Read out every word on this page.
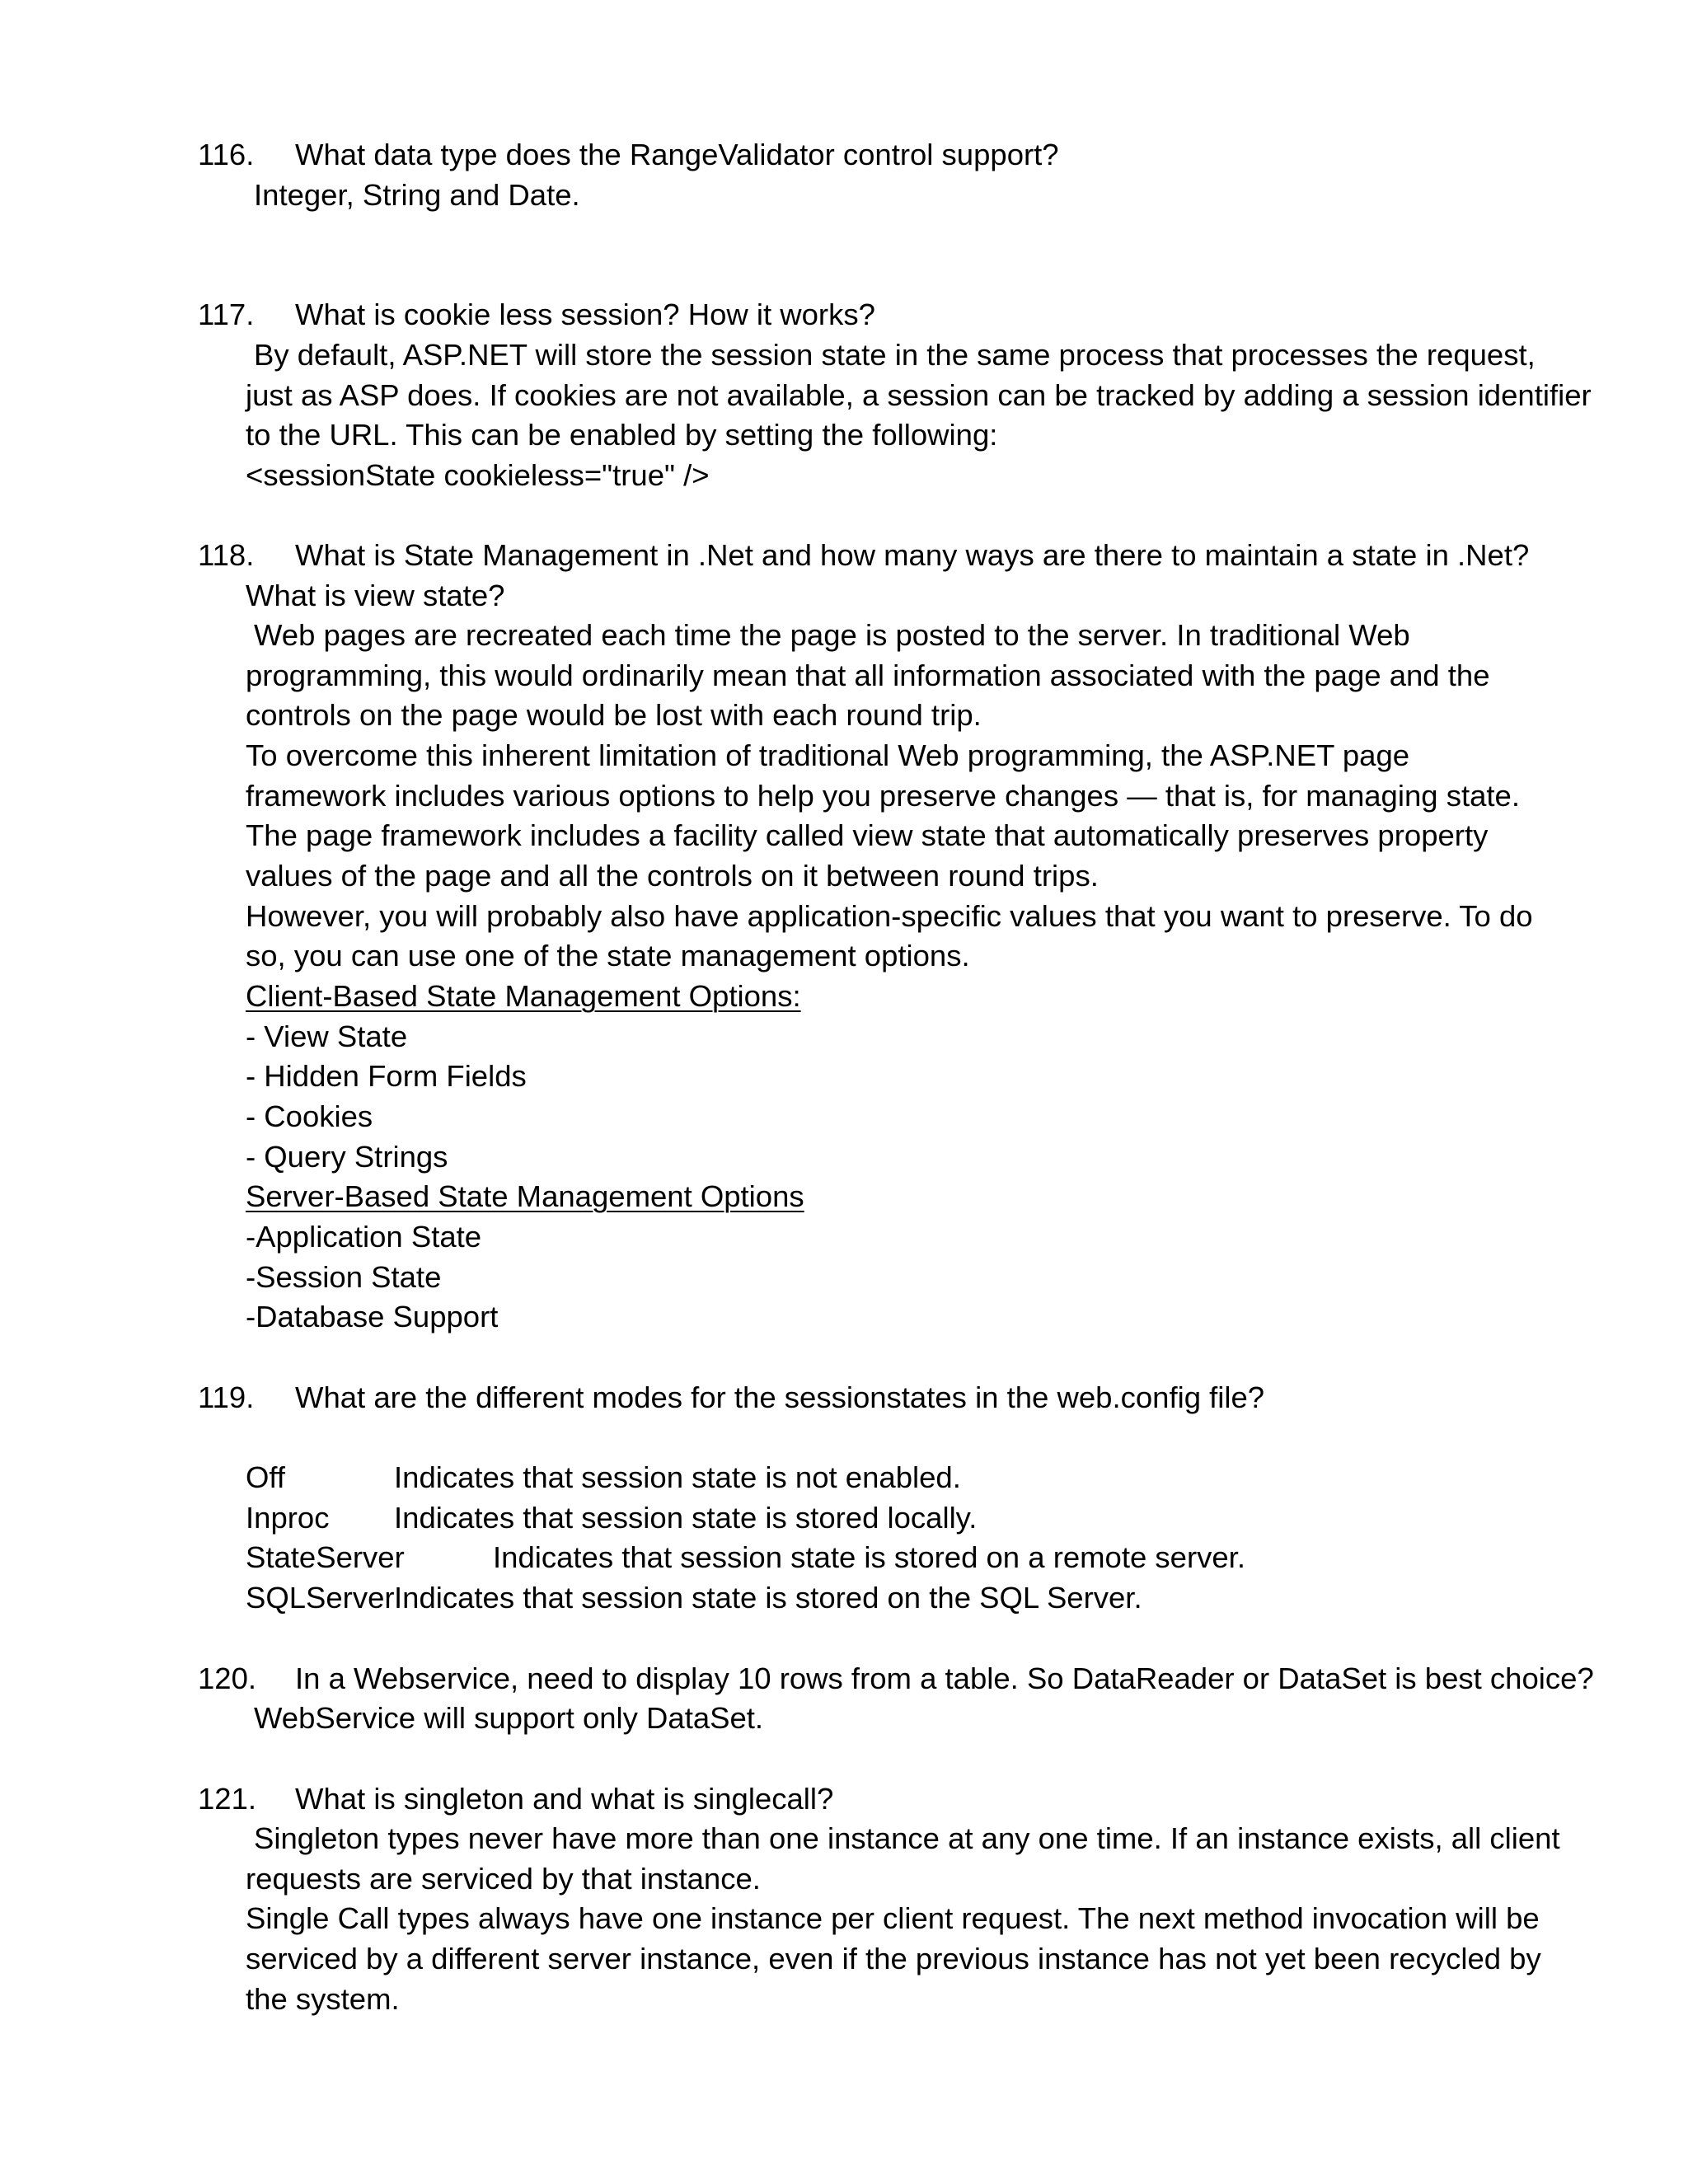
116. What data type does the RangeValidator control support?
Integer, String and Date.
117. What is cookie less session? How it works?
By default, ASP.NET will store the session state in the same process that processes the request,
just as ASP does. If cookies are not available, a session can be tracked by adding a session identifier
to the URL. This can be enabled by setting the following:
<sessionState cookieless="true" />
118. What is State Management in .Net and how many ways are there to maintain a state in .Net?
What is view state?
Web pages are recreated each time the page is posted to the server. In traditional Web
programming, this would ordinarily mean that all information associated with the page and the
controls on the page would be lost with each round trip.
To overcome this inherent limitation of traditional Web programming, the ASP.NET page
framework includes various options to help you preserve changes — that is, for managing state.
The page framework includes a facility called view state that automatically preserves property
values of the page and all the controls on it between round trips.
However, you will probably also have application-specific values that you want to preserve. To do
so, you can use one of the state management options.
Client-Based State Management Options:
- View State
- Hidden Form Fields
- Cookies
- Query Strings
Server-Based State Management Options
-Application State
-Session State
-Database Support
119. What are the different modes for the sessionstates in the web.config file?
Off	Indicates that session state is not enabled.
Inproc Indicates that session state is stored locally.
StateServer	Indicates that session state is stored on a remote server.
SQLServer Indicates that session state is stored on the SQL Server.
120. In a Webservice, need to display 10 rows from a table. So DataReader or DataSet is best choice?
WebService will support only DataSet.
121. What is singleton and what is singlecall?
Singleton types never have more than one instance at any one time. If an instance exists, all client
requests are serviced by that instance.
Single Call types always have one instance per client request. The next method invocation will be
serviced by a different server instance, even if the previous instance has not yet been recycled by
the system.
